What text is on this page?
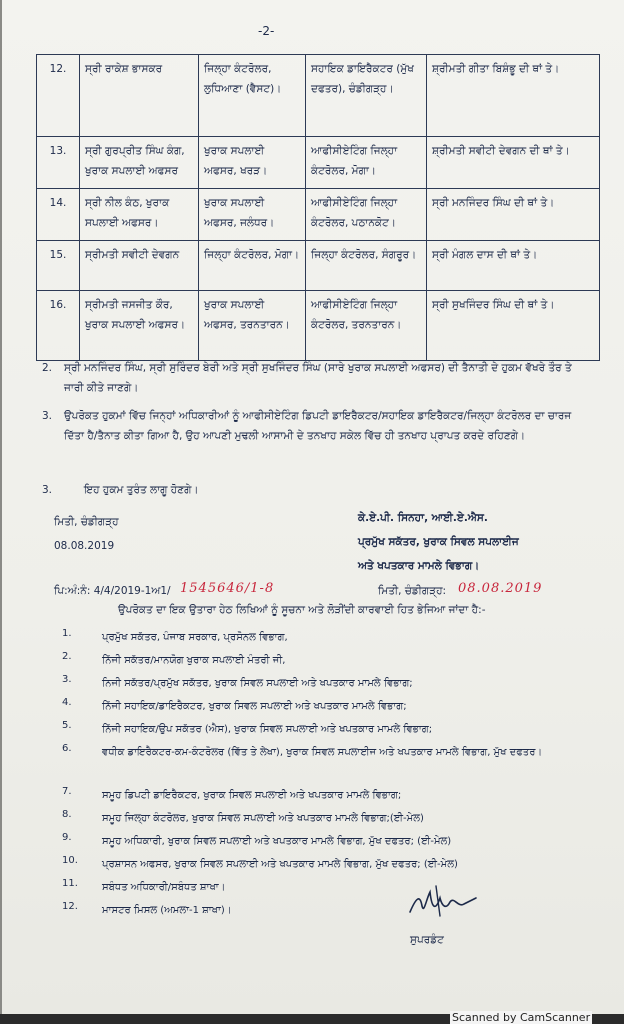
-2-
12.	ਸ੍ਰੀ ਰਾਕੇਸ਼ ਭਾਸਕਰ	ਜਿਲ੍ਹਾ ਕੰਟਰੋਲਰ, ਲੁਧਿਆਣਾ (ਵੈਸਟ)।	ਸਹਾਇਕ ਡਾਇਰੈਕਟਰ (ਮੁੱਖ ਦਫਤਰ), ਚੰਡੀਗੜ੍ਹ।	ਸ਼੍ਰੀਮਤੀ ਗੀਤਾ ਬਿਸ਼ੰਭੂ ਦੀ ਥਾਂ ਤੇ।
13.	ਸ੍ਰੀ ਗੁਰਪ੍ਰੀਤ ਸਿੰਘ ਕੰਗ, ਖੁਰਾਕ ਸਪਲਾਈ ਅਫਸਰ	ਖੁਰਾਕ ਸਪਲਾਈ ਅਫਸਰ, ਖਰੜ।	ਆਫੀਸੀਏਟਿੰਗ ਜਿਲ੍ਹਾ ਕੰਟਰੋਲਰ, ਮੋਗਾ।	ਸ਼੍ਰੀਮਤੀ ਸਵੀਟੀ ਦੇਵਗਨ ਦੀ ਥਾਂ ਤੇ।
14.	ਸ੍ਰੀ ਨੀਲ ਕੰਠ, ਖੁਰਾਕ ਸਪਲਾਈ ਅਫਸਰ।	ਖੁਰਾਕ ਸਪਲਾਈ ਅਫਸਰ, ਜਲੰਧਰ।	ਆਫੀਸੀਏਟਿੰਗ ਜਿਲ੍ਹਾ ਕੰਟਰੋਲਰ, ਪਠਾਨਕੋਟ।	ਸ੍ਰੀ ਮਨਜਿੰਦਰ ਸਿੰਘ ਦੀ ਥਾਂ ਤੇ।
15.	ਸ੍ਰੀਮਤੀ ਸਵੀਟੀ ਦੇਵਗਨ	ਜਿਲ੍ਹਾ ਕੰਟਰੋਲਰ, ਮੋਗਾ।	ਜਿਲ੍ਹਾ ਕੰਟਰੋਲਰ, ਸੰਗਰੂਰ।	ਸ੍ਰੀ ਮੰਗਲ ਦਾਸ ਦੀ ਥਾਂ ਤੇ।
16.	ਸ੍ਰੀਮਤੀ ਜਸਜੀਤ ਕੌਰ, ਖੁਰਾਕ ਸਪਲਾਈ ਅਫਸਰ।	ਖੁਰਾਕ ਸਪਲਾਈ ਅਫਸਰ, ਤਰਨਤਾਰਨ।	ਆਫੀਸੀਏਟਿੰਗ ਜਿਲ੍ਹਾ ਕੰਟਰੋਲਰ, ਤਰਨਤਾਰਨ।	ਸ੍ਰੀ ਸੁਖਜਿੰਦਰ ਸਿੰਘ ਦੀ ਥਾਂ ਤੇ।
2. ਸ੍ਰੀ ਮਨਜਿੰਦਰ ਸਿੰਘ, ਸ੍ਰੀ ਸੁਰਿੰਦਰ ਬੇਰੀ ਅਤੇ ਸ੍ਰੀ ਸੁਖਜਿੰਦਰ ਸਿੰਘ (ਸਾਰੇ ਖੁਰਾਕ ਸਪਲਾਈ ਅਫਸਰ) ਦੀ ਤੈਨਾਤੀ ਦੇ ਹੁਕਮ ਵੱਖਰੇ ਤੌਰ ਤੇ ਜਾਰੀ ਕੀਤੇ ਜਾਣਗੇ।
3. ਉਪਰੋਕਤ ਹੁਕਮਾਂ ਵਿੱਚ ਜਿਨ੍ਹਾਂ ਅਧਿਕਾਰੀਆਂ ਨੂੰ ਆਫੀਸੀਏਟਿੰਗ ਡਿਪਟੀ ਡਾਇਰੈਕਟਰ/ਸਹਾਇਕ ਡਾਇਰੈਕਟਰ/ਜਿਲ੍ਹਾ ਕੰਟਰੋਲਰ ਦਾ ਚਾਰਜ ਦਿੱਤਾ ਹੈ/ਤੈਨਾਤ ਕੀਤਾ ਗਿਆ ਹੈ, ਉਹ ਆਪਣੀ ਮੁਢਲੀ ਆਸਾਮੀ ਦੇ ਤਨਖਾਹ ਸਕੇਲ ਵਿੱਚ ਹੀ ਤਨਖਾਹ ਪ੍ਰਾਪਤ ਕਰਦੇ ਰਹਿਣਗੇ।
3.	ਇਹ ਹੁਕਮ ਤੁਰੰਤ ਲਾਗੂ ਹੋਣਗੇ।
ਮਿਤੀ, ਚੰਡੀਗੜ੍ਹ
08.08.2019
ਕੇ.ਏ.ਪੀ. ਸਿਨਹਾ, ਆਈ.ਏ.ਐਸ.
ਪ੍ਰਮੁੱਖ ਸਕੱਤਰ, ਖੁਰਾਕ ਸਿਵਲ ਸਪਲਾਈਜ
ਅਤੇ ਖਪਤਕਾਰ ਮਾਮਲੇ ਵਿਭਾਗ।
ਪਿ:ਅੰ:ਨੰ: 4/4/2019-1ਅ1/ 1545646/1-8	ਮਿਤੀ, ਚੰਡੀਗੜ੍ਹ: 08.08.2019
ਉਪਰੋਕਤ ਦਾ ਇਕ ਉਤਾਰਾ ਹੇਠ ਲਿਖਿਆਂ ਨੂੰ ਸੂਚਨਾ ਅਤੇ ਲੋੜੀਂਦੀ ਕਾਰਵਾਈ ਹਿਤ ਭੇਜਿਆ ਜਾਂਦਾ ਹੈ:-
1.	ਪ੍ਰਮੁੱਖ ਸਕੱਤਰ, ਪੰਜਾਬ ਸਰਕਾਰ, ਪ੍ਰਸੋਨਲ ਵਿਭਾਗ,
2.	ਨਿੱਜੀ ਸਕੱਤਰ/ਮਾਨਯੋਗ ਖੁਰਾਕ ਸਪਲਾਈ ਮੰਤਰੀ ਜੀ,
3.	ਨਿਜੀ ਸਕੱਤਰ/ਪ੍ਰਮੁੱਖ ਸਕੱਤਰ, ਖੁਰਾਕ ਸਿਵਲ ਸਪਲਾਈ ਅਤੇ ਖਪਤਕਾਰ ਮਾਮਲੇ ਵਿਭਾਗ;
4.	ਨਿੱਜੀ ਸਹਾਇਕ/ਡਾਇਰੈਕਟਰ, ਖੁਰਾਕ ਸਿਵਲ ਸਪਲਾਈ ਅਤੇ ਖਪਤਕਾਰ ਮਾਮਲੇ ਵਿਭਾਗ;
5.	ਨਿੱਜੀ ਸਹਾਇਕ/ਉਪ ਸਕੱਤਰ (ਐਸ), ਖੁਰਾਕ ਸਿਵਲ ਸਪਲਾਈ ਅਤੇ ਖਪਤਕਾਰ ਮਾਮਲੇ ਵਿਭਾਗ;
6.	ਵਧੀਕ ਡਾਇਰੈਕਟਰ-ਕਮ-ਕੰਟਰੋਲਰ (ਵਿੱਤ ਤੇ ਲੇਖਾ), ਖੁਰਾਕ ਸਿਵਲ ਸਪਲਾਈਜ ਅਤੇ ਖਪਤਕਾਰ ਮਾਮਲੇ ਵਿਭਾਗ, ਮੁੱਖ ਦਫਤਰ।
7.	ਸਮੂਹ ਡਿਪਟੀ ਡਾਇਰੈਕਟਰ, ਖੁਰਾਕ ਸਿਵਲ ਸਪਲਾਈ ਅਤੇ ਖਪਤਕਾਰ ਮਾਮਲੇ ਵਿਭਾਗ;
8.	ਸਮੂਹ ਜਿਲ੍ਹਾ ਕੰਟਰੋਲਰ, ਖੁਰਾਕ ਸਿਵਲ ਸਪਲਾਈ ਅਤੇ ਖਪਤਕਾਰ ਮਾਮਲੇ ਵਿਭਾਗ;(ਈ-ਮੇਲ)
9.	ਸਮੂਹ ਅਧਿਕਾਰੀ, ਖੁਰਾਕ ਸਿਵਲ ਸਪਲਾਈ ਅਤੇ ਖਪਤਕਾਰ ਮਾਮਲੇ ਵਿਭਾਗ, ਮੁੱਖ ਦਫਤਰ; (ਈ-ਮੇਲ)
10.	ਪ੍ਰਸ਼ਾਸਨ ਅਫਸਰ, ਖੁਰਾਕ ਸਿਵਲ ਸਪਲਾਈ ਅਤੇ ਖਪਤਕਾਰ ਮਾਮਲੇ ਵਿਭਾਗ, ਮੁੱਖ ਦਫਤਰ; (ਈ-ਮੇਲ)
11.	ਸਬੰਧਤ ਅਧਿਕਾਰੀ/ਸਬੰਧਤ ਸ਼ਾਖਾ।
12.	ਮਾਸਟਰ ਮਿਸਲ (ਅਮਲਾ-1 ਸ਼ਾਖਾ)।
ਸੁਪਰਡੰਟ
Scanned by CamScanner
